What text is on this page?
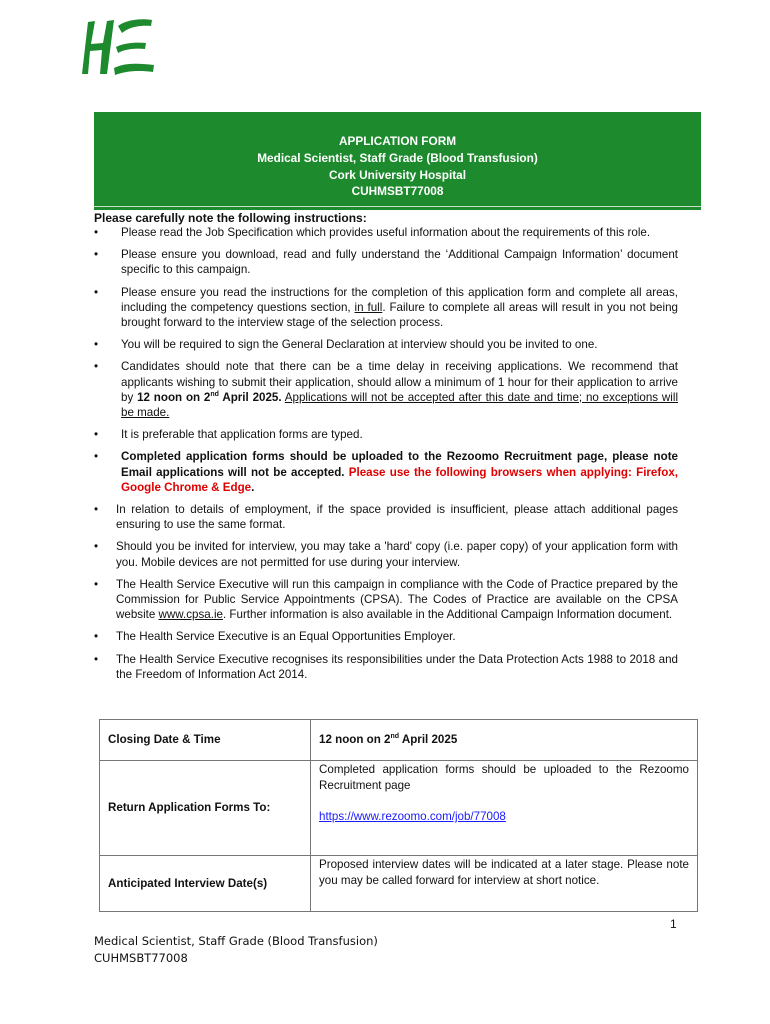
APPLICATION FORM
Medical Scientist, Staff Grade (Blood Transfusion)
Cork University Hospital
CUHMSBT77008
Please carefully note the following instructions:
• Please read the Job Specification which provides useful information about the requirements of this role.
• Please ensure you download, read and fully understand the ‘Additional Campaign Information’ document specific to this campaign.
• Please ensure you read the instructions for the completion of this application form and complete all areas, including the competency questions section, in full. Failure to complete all areas will result in you not being brought forward to the interview stage of the selection process.
• You will be required to sign the General Declaration at interview should you be invited to one.
• Candidates should note that there can be a time delay in receiving applications. We recommend that applicants wishing to submit their application, should allow a minimum of 1 hour for their application to arrive by 12 noon on 2nd April 2025. Applications will not be accepted after this date and time; no exceptions will be made.
• It is preferable that application forms are typed.
• Completed application forms should be uploaded to the Rezoomo Recruitment page, please note Email applications will not be accepted. Please use the following browsers when applying: Firefox, Google Chrome & Edge.
• In relation to details of employment, if the space provided is insufficient, please attach additional pages ensuring to use the same format.
• Should you be invited for interview, you may take a 'hard' copy (i.e. paper copy) of your application form with you. Mobile devices are not permitted for use during your interview.
• The Health Service Executive will run this campaign in compliance with the Code of Practice prepared by the Commission for Public Service Appointments (CPSA). The Codes of Practice are available on the CPSA website www.cpsa.ie. Further information is also available in the Additional Campaign Information document.
• The Health Service Executive is an Equal Opportunities Employer.
• The Health Service Executive recognises its responsibilities under the Data Protection Acts 1988 to 2018 and the Freedom of Information Act 2014.
Closing Date & Time	12 noon on 2nd April 2025
Return Application Forms To:	Completed application forms should be uploaded to the Rezoomo Recruitment page
https://www.rezoomo.com/job/77008

Anticipated Interview Date(s)	Proposed interview dates will be indicated at a later stage. Please note you may be called forward for interview at short notice.
1
Medical Scientist, Staff Grade (Blood Transfusion)
CUHMSBT77008
